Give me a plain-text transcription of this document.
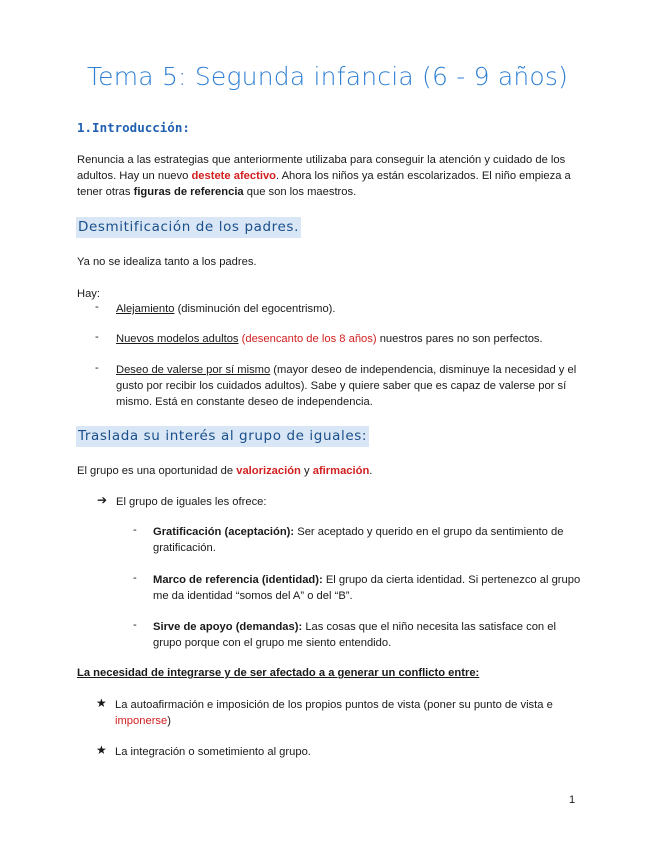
Tema 5: Segunda infancia (6 - 9 años)
1.Introducción:
Renuncia a las estrategias que anteriormente utilizaba para conseguir la atención y cuidado de los adultos. Hay un nuevo destete afectivo. Ahora los niños ya están escolarizados. El niño empieza a tener otras figuras de referencia que son los maestros.
Desmitificación de los padres.
Ya no se idealiza tanto a los padres.
Hay:
- Alejamiento (disminución del egocentrismo).
- Nuevos modelos adultos (desencanto de los 8 años) nuestros pares no son perfectos.
- Deseo de valerse por sí mismo (mayor deseo de independencia, disminuye la necesidad y el gusto por recibir los cuidados adultos). Sabe y quiere saber que es capaz de valerse por sí mismo. Está en constante deseo de independencia.
Traslada su interés al grupo de iguales:
El grupo es una oportunidad de valorización y afirmación.
➔ El grupo de iguales les ofrece:
- Gratificación (aceptación): Ser aceptado y querido en el grupo da sentimiento de gratificación.
- Marco de referencia (identidad): El grupo da cierta identidad. Si pertenezco al grupo me da identidad “somos del A” o del “B”.
- Sirve de apoyo (demandas): Las cosas que el niño necesita las satisface con el grupo porque con el grupo me siento entendido.
La necesidad de integrarse y de ser afectado a a generar un conflicto entre:
★ La autoafirmación e imposición de los propios puntos de vista (poner su punto de vista e imponerse)
★ La integración o sometimiento al grupo.
1
